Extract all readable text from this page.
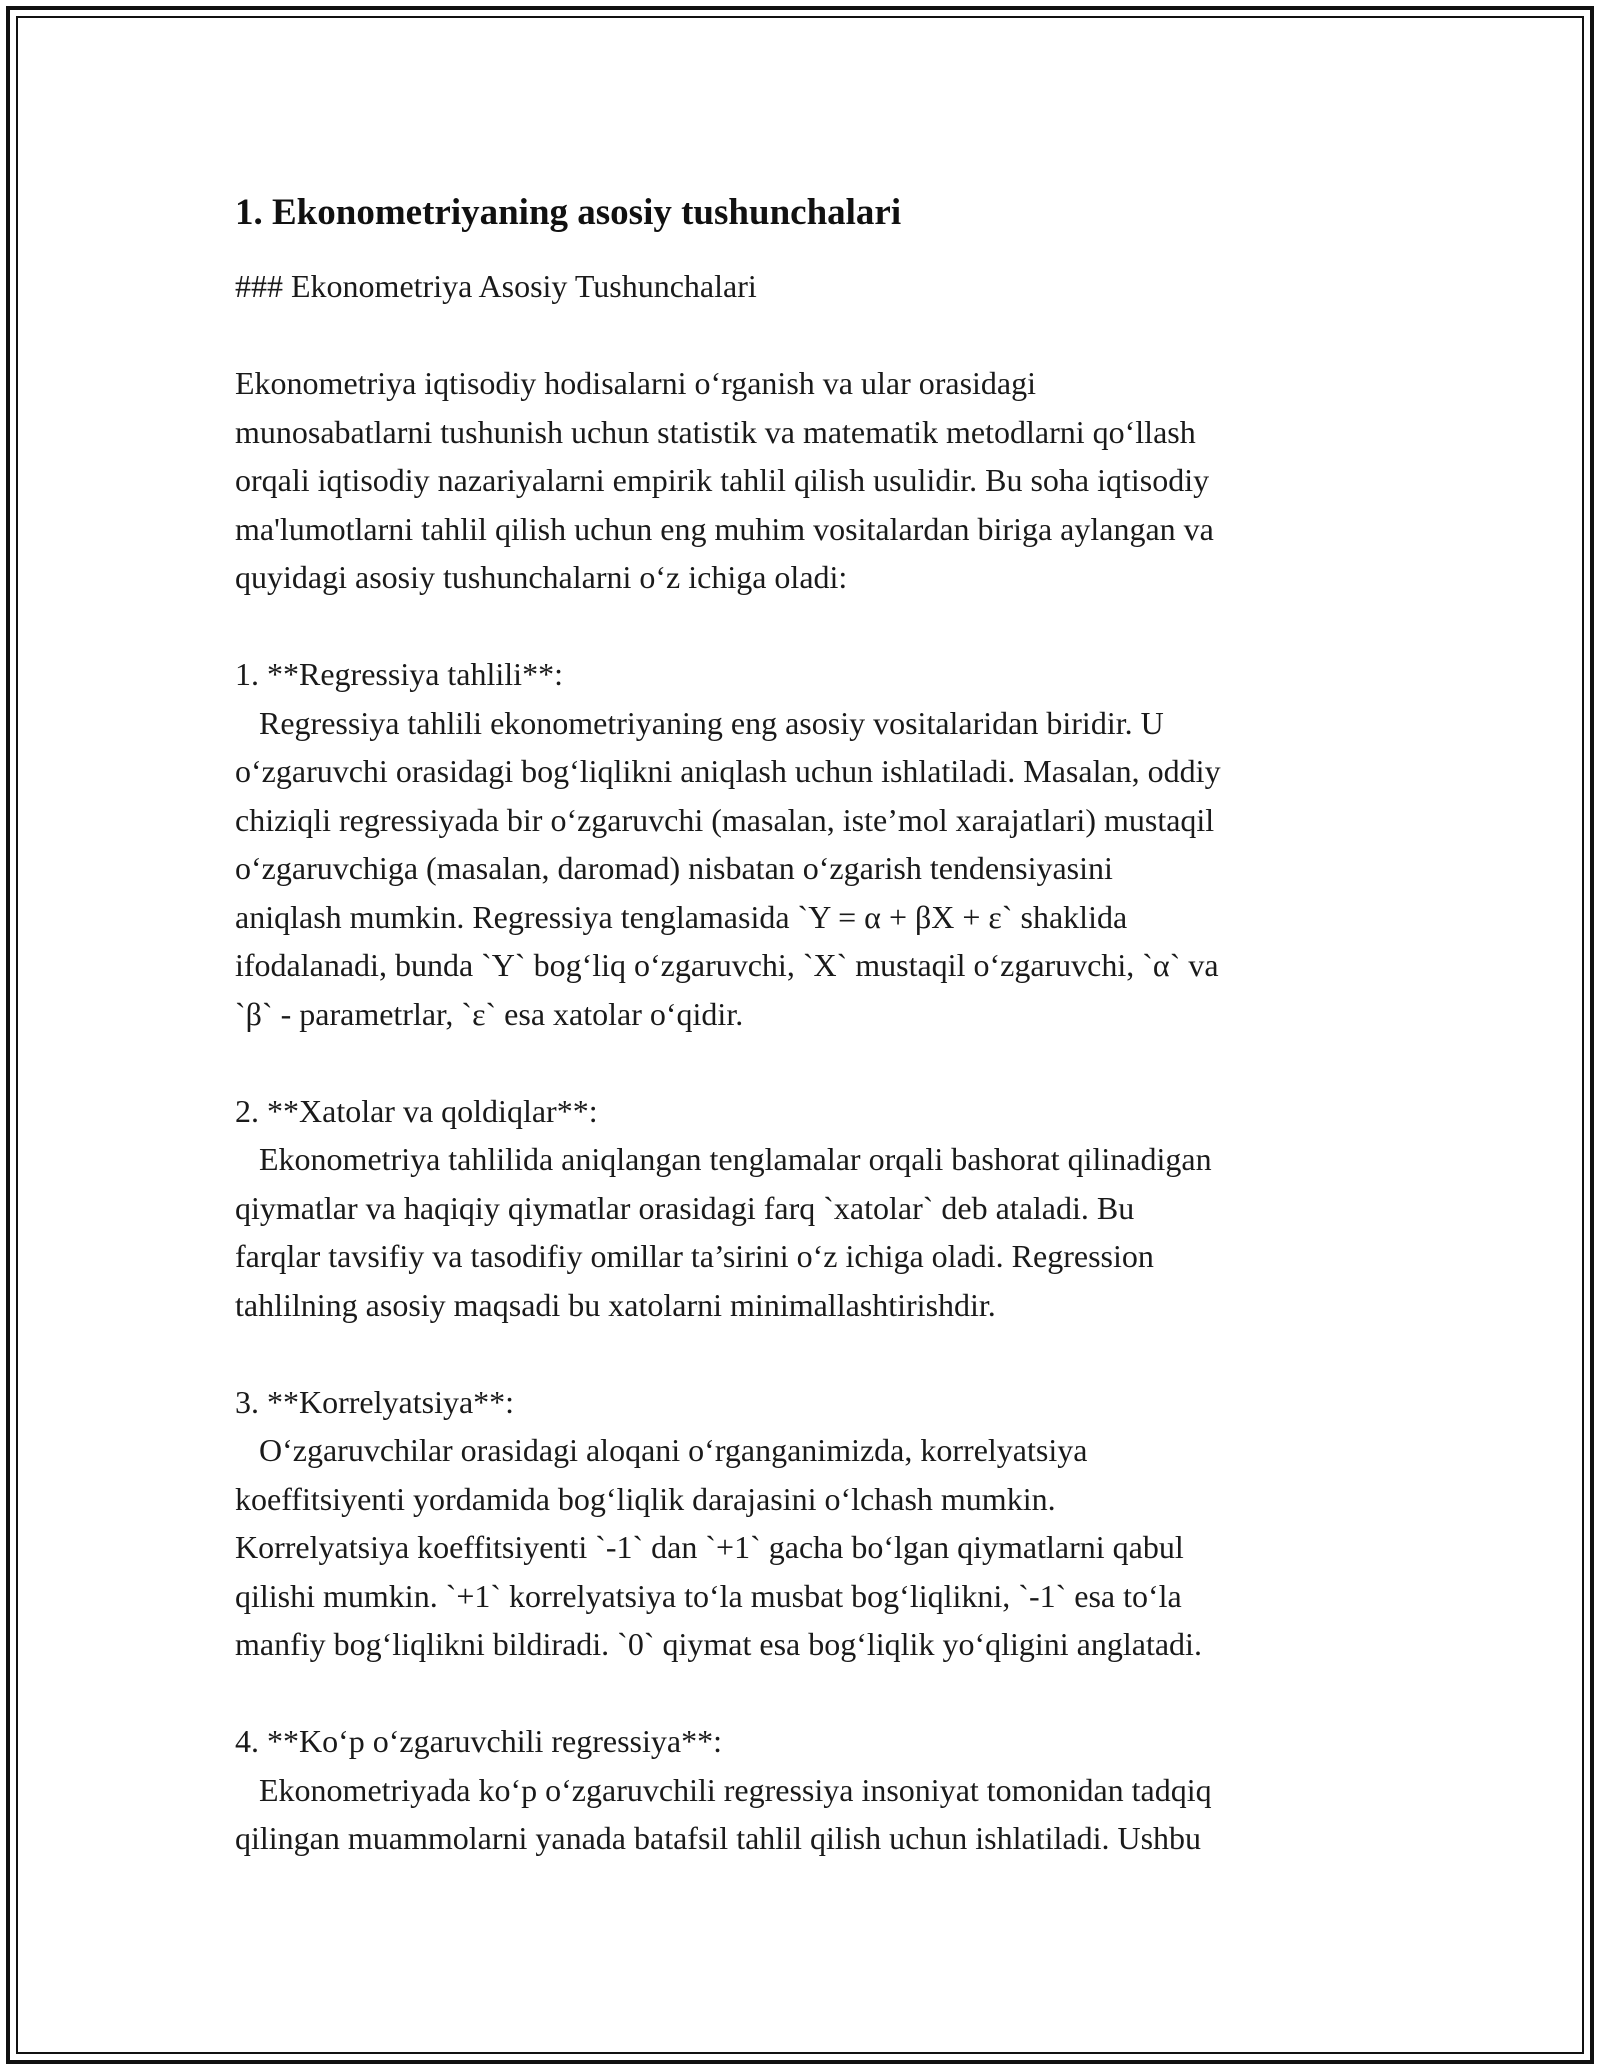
1. Ekonometriyaning asosiy tushunchalari

### Ekonometriya Asosiy Tushunchalari

Ekonometriya iqtisodiy hodisalarni o‘rganish va ular orasidagi

munosabatlarni tushunish uchun statistik va matematik metodlarni qo‘llash

orqali iqtisodiy nazariyalarni empirik tahlil qilish usulidir. Bu soha iqtisodiy

ma'lumotlarni tahlil qilish uchun eng muhim vositalardan biriga aylangan va

quyidagi asosiy tushunchalarni o‘z ichiga oladi:

1. **Regressiya tahlili**:

Regressiya tahlili ekonometriyaning eng asosiy vositalaridan biridir. U

o‘zgaruvchi orasidagi bog‘liqlikni aniqlash uchun ishlatiladi. Masalan, oddiy

chiziqli regressiyada bir o‘zgaruvchi (masalan, iste’mol xarajatlari) mustaqil

o‘zgaruvchiga (masalan, daromad) nisbatan o‘zgarish tendensiyasini

aniqlash mumkin. Regressiya tenglamasida `Y = α + βX + ε` shaklida

ifodalanadi, bunda `Y` bog‘liq o‘zgaruvchi, `X` mustaqil o‘zgaruvchi, `α` va

`β` - parametrlar, `ε` esa xatolar o‘qidir.

2. **Xatolar va qoldiqlar**:

Ekonometriya tahlilida aniqlangan tenglamalar orqali bashorat qilinadigan

qiymatlar va haqiqiy qiymatlar orasidagi farq `xatolar` deb ataladi. Bu

farqlar tavsifiy va tasodifiy omillar ta’sirini o‘z ichiga oladi. Regression

tahlilning asosiy maqsadi bu xatolarni minimallashtirishdir.

3. **Korrelyatsiya**:

O‘zgaruvchilar orasidagi aloqani o‘rganganimizda, korrelyatsiya

koeffitsiyenti yordamida bog‘liqlik darajasini o‘lchash mumkin.

Korrelyatsiya koeffitsiyenti `-1` dan `+1` gacha bo‘lgan qiymatlarni qabul

qilishi mumkin. `+1` korrelyatsiya to‘la musbat bog‘liqlikni, `-1` esa to‘la

manfiy bog‘liqlikni bildiradi. `0` qiymat esa bog‘liqlik yo‘qligini anglatadi.

4. **Ko‘p o‘zgaruvchili regressiya**:

Ekonometriyada ko‘p o‘zgaruvchili regressiya insoniyat tomonidan tadqiq

qilingan muammolarni yanada batafsil tahlil qilish uchun ishlatiladi. Ushbu
